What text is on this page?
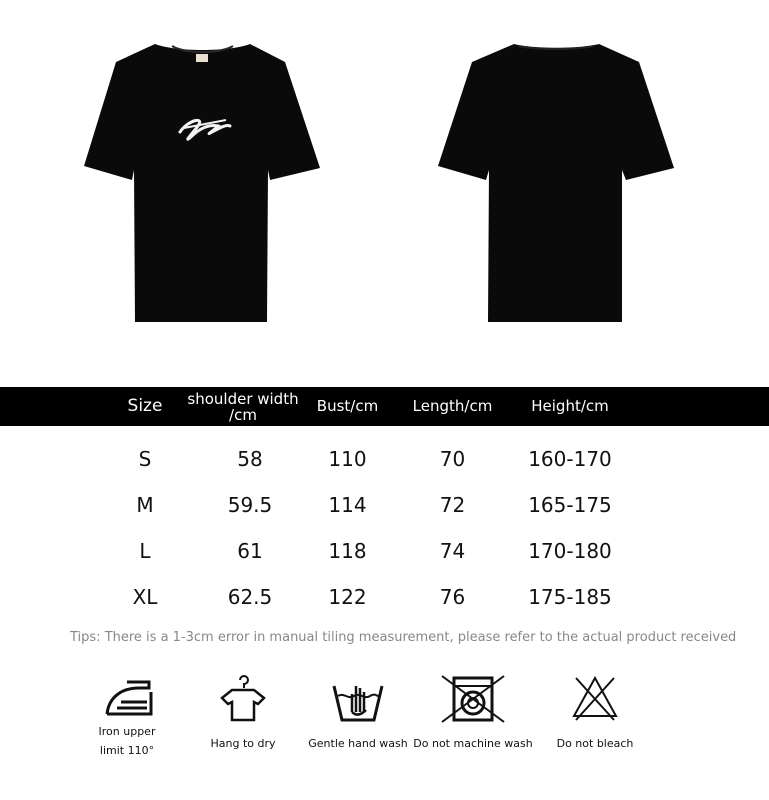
Size	shoulder width /cm	Bust/cm	Length/cm	Height/cm
S	58	110	70	160-170
M	59.5	114	72	165-175
L	61	118	74	170-180
XL	62.5	122	76	175-185
Tips: There is a 1-3cm error in manual tiling measurement, please refer to the actual product received
Iron upper
limit 110°
Hang to dry	Gentle hand wash Do not machine wash	Do not bleach
